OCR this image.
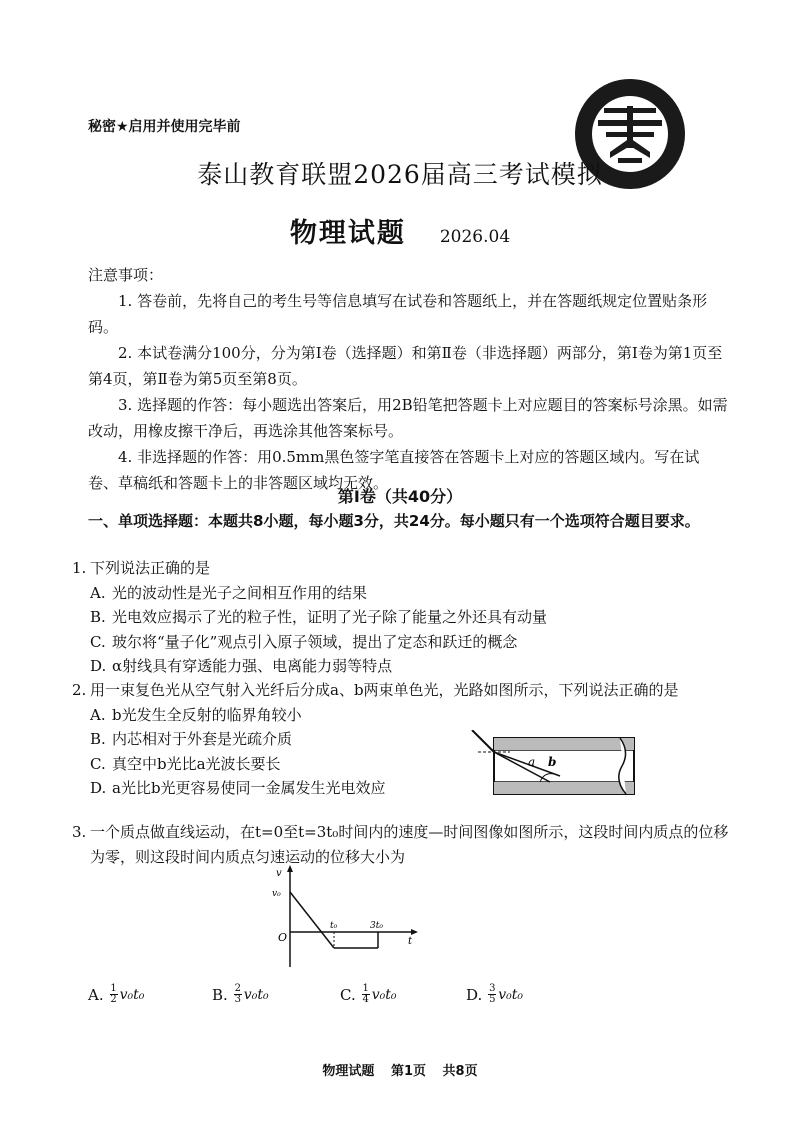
秘密★启用并使用完毕前
泰山教育联盟2026届高三考试模拟
物理试题 2026.04
注意事项：

1. 答卷前，先将自己的考生号等信息填写在试卷和答题纸上，并在答题纸规定位置贴条形码。

2. 本试卷满分100分，分为第Ⅰ卷（选择题）和第Ⅱ卷（非选择题）两部分，第Ⅰ卷为第1页至第4页，第Ⅱ卷为第5页至第8页。

3. 选择题的作答：每小题选出答案后，用2B铅笔把答题卡上对应题目的答案标号涂黑。如需改动，用橡皮擦干净后，再选涂其他答案标号。

4. 非选择题的作答：用0.5mm黑色签字笔直接答在答题卡上对应的答题区域内。写在试卷、草稿纸和答题卡上的非答题区域均无效。

第Ⅰ卷（共40分）
一、单项选择题：本题共8小题，每小题3分，共24分。每小题只有一个选项符合题目要求。

1. 下列说法正确的是

A. 光的波动性是光子之间相互作用的结果

B. 光电效应揭示了光的粒子性，证明了光子除了能量之外还具有动量

C. 玻尔将“量子化”观点引入原子领域，提出了定态和跃迁的概念

D. α射线具有穿透能力强、电离能力弱等特点

2. 用一束复色光从空气射入光纤后分成a、b两束单色光，光路如图所示，下列说法正确的是

A. b光发生全反射的临界角较小

B. 内芯相对于外套是光疏介质

C. 真空中b光比a光波长要长

D. a光比b光更容易使同一金属发生光电效应

a b

3. 一个质点做直线运动，在t=0至t=3t₀时间内的速度—时间图像如图所示，这段时间内质点的位移为零，则这段时间内质点匀速运动的位移大小为

v
v₀
O
t₀	3t₀
t
A. $\frac{1}{2} v_0t_0$	B. $\frac{2}{3} v_0t_0$	C. $\frac{1}{4} v_0t_0$	D. $\frac{3}{5} v_0t_0$
物理试题 第1页 共8页
